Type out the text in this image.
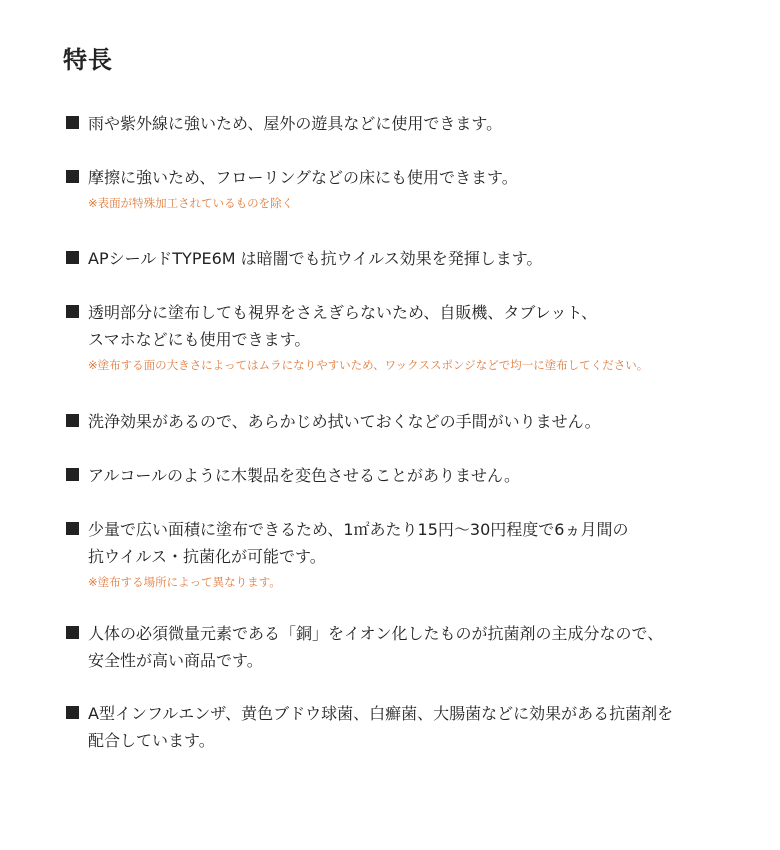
特長
雨や紫外線に強いため、屋外の遊具などに使用できます。
摩擦に強いため、フローリングなどの床にも使用できます。
※表面が特殊加工されているものを除く
APシールドTYPE6M は暗闇でも抗ウイルス効果を発揮します。
透明部分に塗布しても視界をさえぎらないため、自販機、タブレット、
スマホなどにも使用できます。
※塗布する面の大きさによってはムラになりやすいため、ワックススポンジなどで均一に塗布してください。
洗浄効果があるので、あらかじめ拭いておくなどの手間がいりません。
アルコールのように木製品を変色させることがありません。
少量で広い面積に塗布できるため、1㎡あたり15円〜30円程度で6ヵ月間の
抗ウイルス・抗菌化が可能です。
※塗布する場所によって異なります。
人体の必須微量元素である「銅」をイオン化したものが抗菌剤の主成分なので、
安全性が高い商品です。
A型インフルエンザ、黄色ブドウ球菌、白癬菌、大腸菌などに効果がある抗菌剤を
配合しています。
